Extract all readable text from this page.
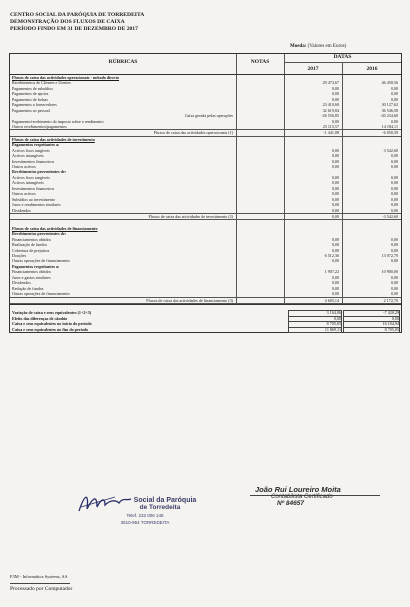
CENTRO SOCIAL DA PARÓQUIA DE TORREDEITA
DEMONSTRAÇÃO DOS FLUXOS DE CAIXA
PERÍODO FINDO EM 31 DE DEZEMBRO DE 2017
Moeda: (Valores em Euros)
RÚBRICAS	NOTAS
DATAS
2017	2016
Fluxos de caixa das actividades operacionais - método directo
Recebimentos de Clientes e Utentes	29 473,67	46 458,56
Pagamentos de subsídios	0,00	0,00
Pagamentos de apoios	0,00	0,00
Pagamentos de bolsas	0,00	0,00
Pagamentos a fornecedores	23 410,68	30 127,62
Pagamentos ao pessoal	32 619,84	36 546,58
Caixa gerada pelas operações	-26 556,85	-20 234,60
Pagamento/recebimento do imposto sobre o rendimento	0,00	0,00
Outros recebimentos/pagamentos	25 115,57	14 184,11
Fluxos de caixa das actividades operacionais (1)	-1 441,08	-6 050,39
Fluxos de caixa das actividades de investimento
Pagamentos respeitantes a:
Activos fixos tangíveis	0,00	3 542,60
Activos intangíveis	0,00	0,00
Investimentos financeiros	0,00	0,00
Outros activos	0,00	0,00
Recebimentos provenientes de:
Activos fixos tangíveis	0,00	0,00
Activos intangíveis	0,00	0,00
Investimentos financeiros	0,00	0,00
Outros activos	0,00	0,00
Subsídios ao investimento	0,00	0,00
Juros e rendimentos similares	0,00	0,00
Dividendos	0,00	0,00
Fluxos de caixa das actividades de investimento (2)	0,00	-3 542,60
Fluxos de caixa das actividades de financiamento
Recebimentos provenientes de:
Financiamentos obtidos	0,00	0,00
Realização de fundos	0,00	0,00
Cobertura de prejuízos	0,00	0,00
Doações	6 512,36	13 072,70
Outras operações de financiamento	0,00	0,00
Pagamentos respeitantes a:
Financiamentos obtidos	1 907,22	10 900,00
Juros e gastos similares	0,00	0,00
Dividendos	0,00	0,00
Redução de fundos	0,00	0,00
Outras operações de financiamento	0,00	0,00
Fluxos de caixa das actividades de financiamento (3)	4 605,14	2 172,70
Variação de caixa e seus equivalentes (1+2+3)	3 164,06	-7 420,29
Efeito das diferenças de câmbio	0,00	0,00
Caixa e seus equivalentes no início do período	8 705,05	16 104,94
Caixa e seus equivalentes no fim do período	11 869,11	8 705,05
Social da Paróquia
de Torredeita
Telef. 232 006 148
3510-854 TORREDEITA
João Rui Loureiro Moita
Contabilista Certificado
Nº 84657
F3M - Informática Systems, SA
Processado por Computador
